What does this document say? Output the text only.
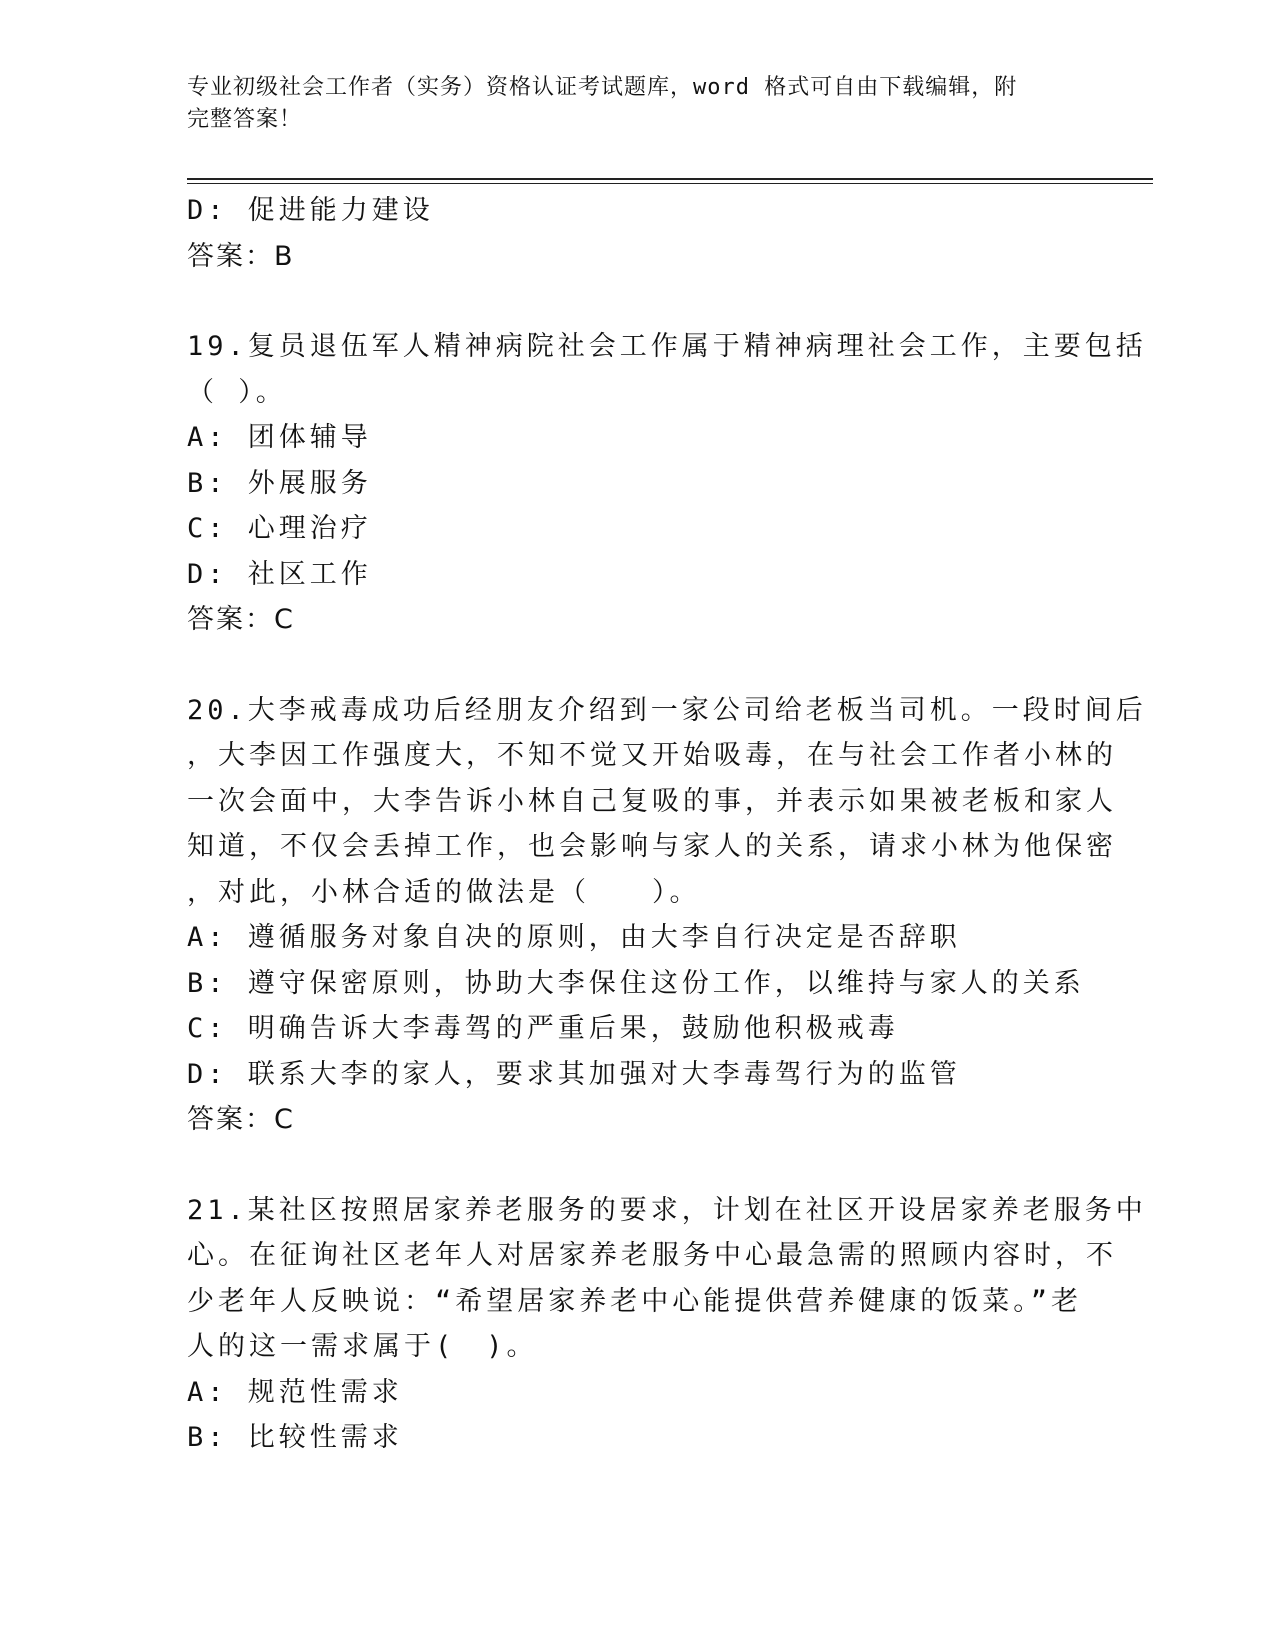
专业初级社会工作者（实务）资格认证考试题库，word 格式可自由下载编辑，附
完整答案！
D: 促进能力建设
答案：B
19.复员退伍军人精神病院社会工作属于精神病理社会工作，主要包括
（ ）。
A: 团体辅导
B: 外展服务
C: 心理治疗
D: 社区工作
答案：C
20.大李戒毒成功后经朋友介绍到一家公司给老板当司机。一段时间后
，大李因工作强度大，不知不觉又开始吸毒，在与社会工作者小林的
一次会面中，大李告诉小林自己复吸的事，并表示如果被老板和家人
知道，不仅会丢掉工作，也会影响与家人的关系，请求小林为他保密
，对此，小林合适的做法是（　　）。
A: 遵循服务对象自决的原则，由大李自行决定是否辞职
B: 遵守保密原则，协助大李保住这份工作，以维持与家人的关系
C: 明确告诉大李毒驾的严重后果，鼓励他积极戒毒
D: 联系大李的家人，要求其加强对大李毒驾行为的监管
答案：C
21.某社区按照居家养老服务的要求，计划在社区开设居家养老服务中
心。在征询社区老年人对居家养老服务中心最急需的照顾内容时，不
少老年人反映说：“希望居家养老中心能提供营养健康的饭菜。”老
人的这一需求属于(　)。
A: 规范性需求
B: 比较性需求
